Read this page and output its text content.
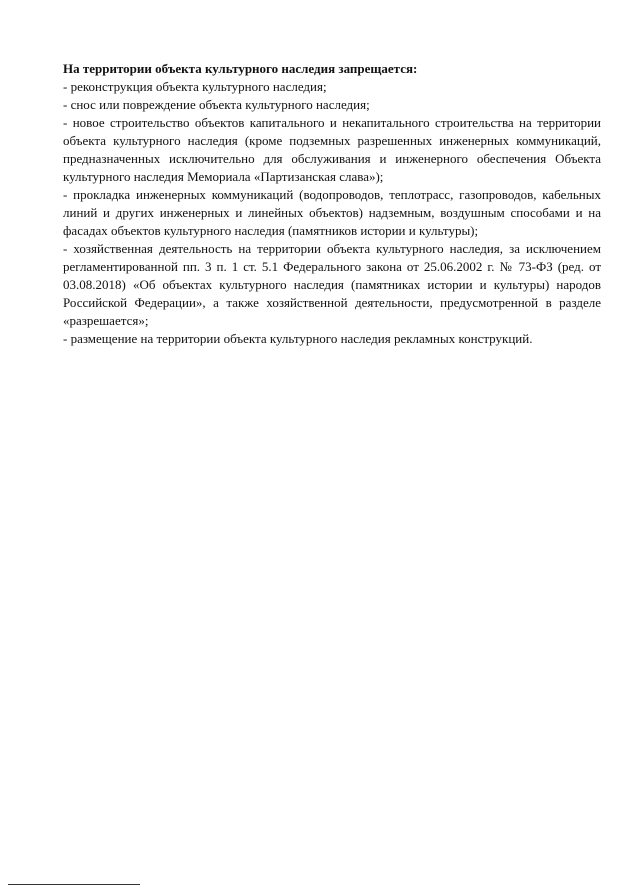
На территории объекта культурного наследия запрещается:

- реконструкция объекта культурного наследия;
- снос или повреждение объекта культурного наследия;
- новое строительство объектов капитального и некапитального строительства на территории объекта культурного наследия (кроме подземных разрешенных инженерных коммуникаций, предназначенных исключительно для обслуживания и инженерного обеспечения Объекта культурного наследия Мемориала «Партизанская слава»);
- прокладка инженерных коммуникаций (водопроводов, теплотрасс, газопроводов, кабельных линий и других инженерных и линейных объектов) надземным, воздушным способами и на фасадах объектов культурного наследия (памятников истории и культуры);
- хозяйственная деятельность на территории объекта культурного наследия, за исключением регламентированной пп. 3 п. 1 ст. 5.1 Федерального закона от 25.06.2002 г. № 73-ФЗ (ред. от 03.08.2018) «Об объектах культурного наследия (памятниках истории и культуры) народов Российской Федерации», а также хозяйственной деятельности, предусмотренной в разделе «разрешается»;
- размещение на территории объекта культурного наследия рекламных конструкций.
